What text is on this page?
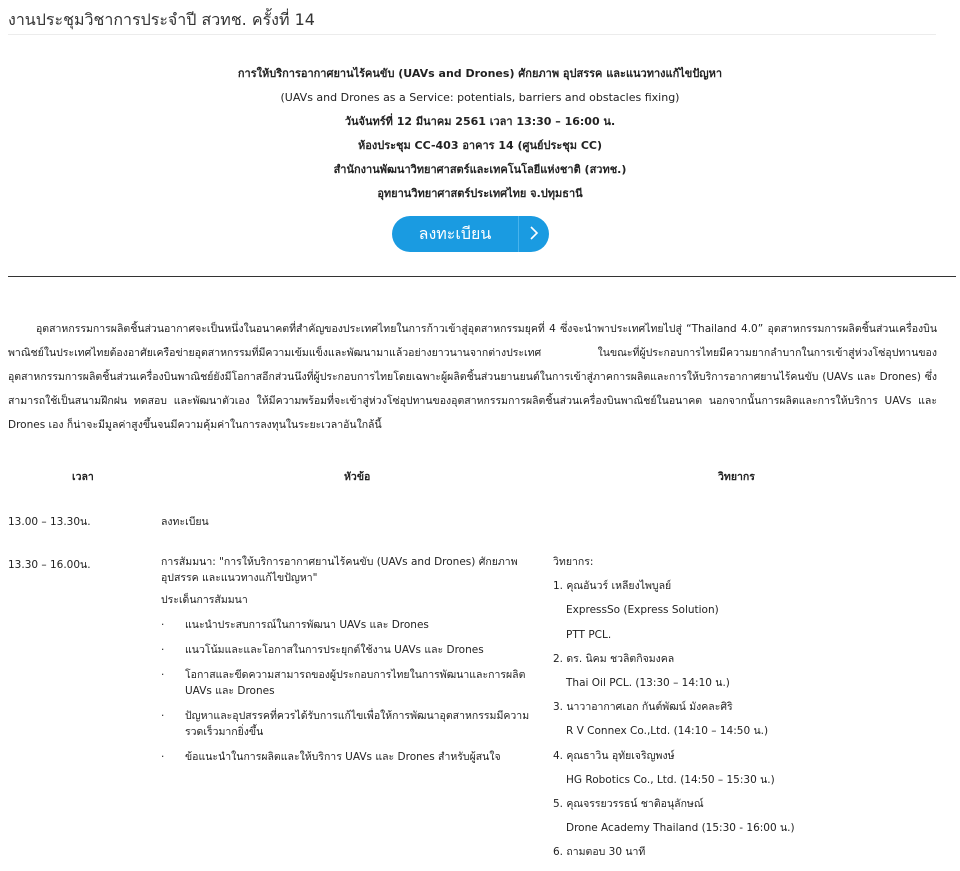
งานประชุมวิชาการประจำปี สวทช. ครั้งที่ 14
การให้บริการอากาศยานไร้คนขับ (UAVs and Drones) ศักยภาพ อุปสรรค และแนวทางแก้ไขปัญหา
(UAVs and Drones as a Service: potentials, barriers and obstacles fixing)
วันจันทร์ที่ 12 มีนาคม 2561 เวลา 13:30 – 16:00 น.
ห้องประชุม CC-403 อาคาร 14 (ศูนย์ประชุม CC)
สำนักงานพัฒนาวิทยาศาสตร์และเทคโนโลยีแห่งชาติ (สวทช.)
อุทยานวิทยาศาสตร์ประเทศไทย จ.ปทุมธานี
ลงทะเบียน

อุตสาหกรรมการผลิตชิ้นส่วนอากาศจะเป็นหนึ่งในอนาคตที่สำคัญของประเทศไทยในการก้าวเข้าสู่อุตสาหกรรมยุคที่ 4 ซึ่งจะนำพาประเทศไทยไปสู่ “Thailand 4.0” อุตสาหกรรมการผลิตชิ้นส่วนเครื่องบินพาณิชย์ในประเทศไทยต้องอาศัยเครือข่ายอุตสาหกรรมที่มีความเข้มแข็งและพัฒนามาแล้วอย่างยาวนานจากต่างประเทศ ในขณะที่ผู้ประกอบการไทยมีความยากลำบากในการเข้าสู่ห่วงโซ่อุปทานของอุตสาหกรรมการผลิตชิ้นส่วนเครื่องบินพาณิชย์ยังมีโอกาสอีกส่วนนึงที่ผู้ประกอบการไทยโดยเฉพาะผู้ผลิตชิ้นส่วนยานยนต์ในการเข้าสู่ภาคการผลิตและการให้บริการอากาศยานไร้คนขับ (UAVs และ Drones) ซึ่งสามารถใช้เป็นสนามฝึกฝน ทดสอบ และพัฒนาตัวเอง ให้มีความพร้อมที่จะเข้าสู่ห่วงโซ่อุปทานของอุตสาหกรรมการผลิตชิ้นส่วนเครื่องบินพาณิชย์ในอนาคต นอกจากนั้นการผลิตและการให้บริการ UAVs และ Drones เอง ก็น่าจะมีมูลค่าสูงขึ้นจนมีความคุ้มค่าในการลงทุนในระยะเวลาอันใกล้นี้

เวลา	หัวข้อ	วิทยากร
13.00 – 13.30น.	ลงทะเบียน
13.30 – 16.00น.	การสัมมนา: "การให้บริการอากาศยานไร้คนขับ (UAVs and Drones) ศักยภาพ อุปสรรค และแนวทางแก้ไขปัญหา"

ประเด็นการสัมมนา

· แนะนำประสบการณ์ในการพัฒนา UAVs และ Drones
· แนวโน้มและและโอกาสในการประยุกต์ใช้งาน UAVs และ Drones
· โอกาสและขีดความสามารถของผู้ประกอบการไทยในการพัฒนาและการผลิต UAVs และ Drones
· ปัญหาและอุปสรรคที่ควรได้รับการแก้ไขเพื่อให้การพัฒนาอุตสาหกรรมมีความรวดเร็วมากยิ่งขึ้น
· ข้อแนะนำในการผลิตและให้บริการ UAVs และ Drones สำหรับผู้สนใจ
วิทยากร:
1. คุณอันวร์ เหลียงไพบูลย์
ExpressSo (Express Solution)
PTT PCL.
2. ดร. นิคม ชวลิตกิจมงคล
Thai Oil PCL. (13:30 – 14:10 น.)
3. นาวาอากาศเอก กันต์พัฒน์ มังคละศิริ
R V Connex Co.,Ltd. (14:10 – 14:50 น.)
4. คุณธาวิน อุทัยเจริญพงษ์
HG Robotics Co., Ltd. (14:50 – 15:30 น.)
5. คุณจรรยวรรธน์ ชาติอนุลักษณ์
Drone Academy Thailand (15:30 - 16:00 น.)
6. ถามตอบ 30 นาที
